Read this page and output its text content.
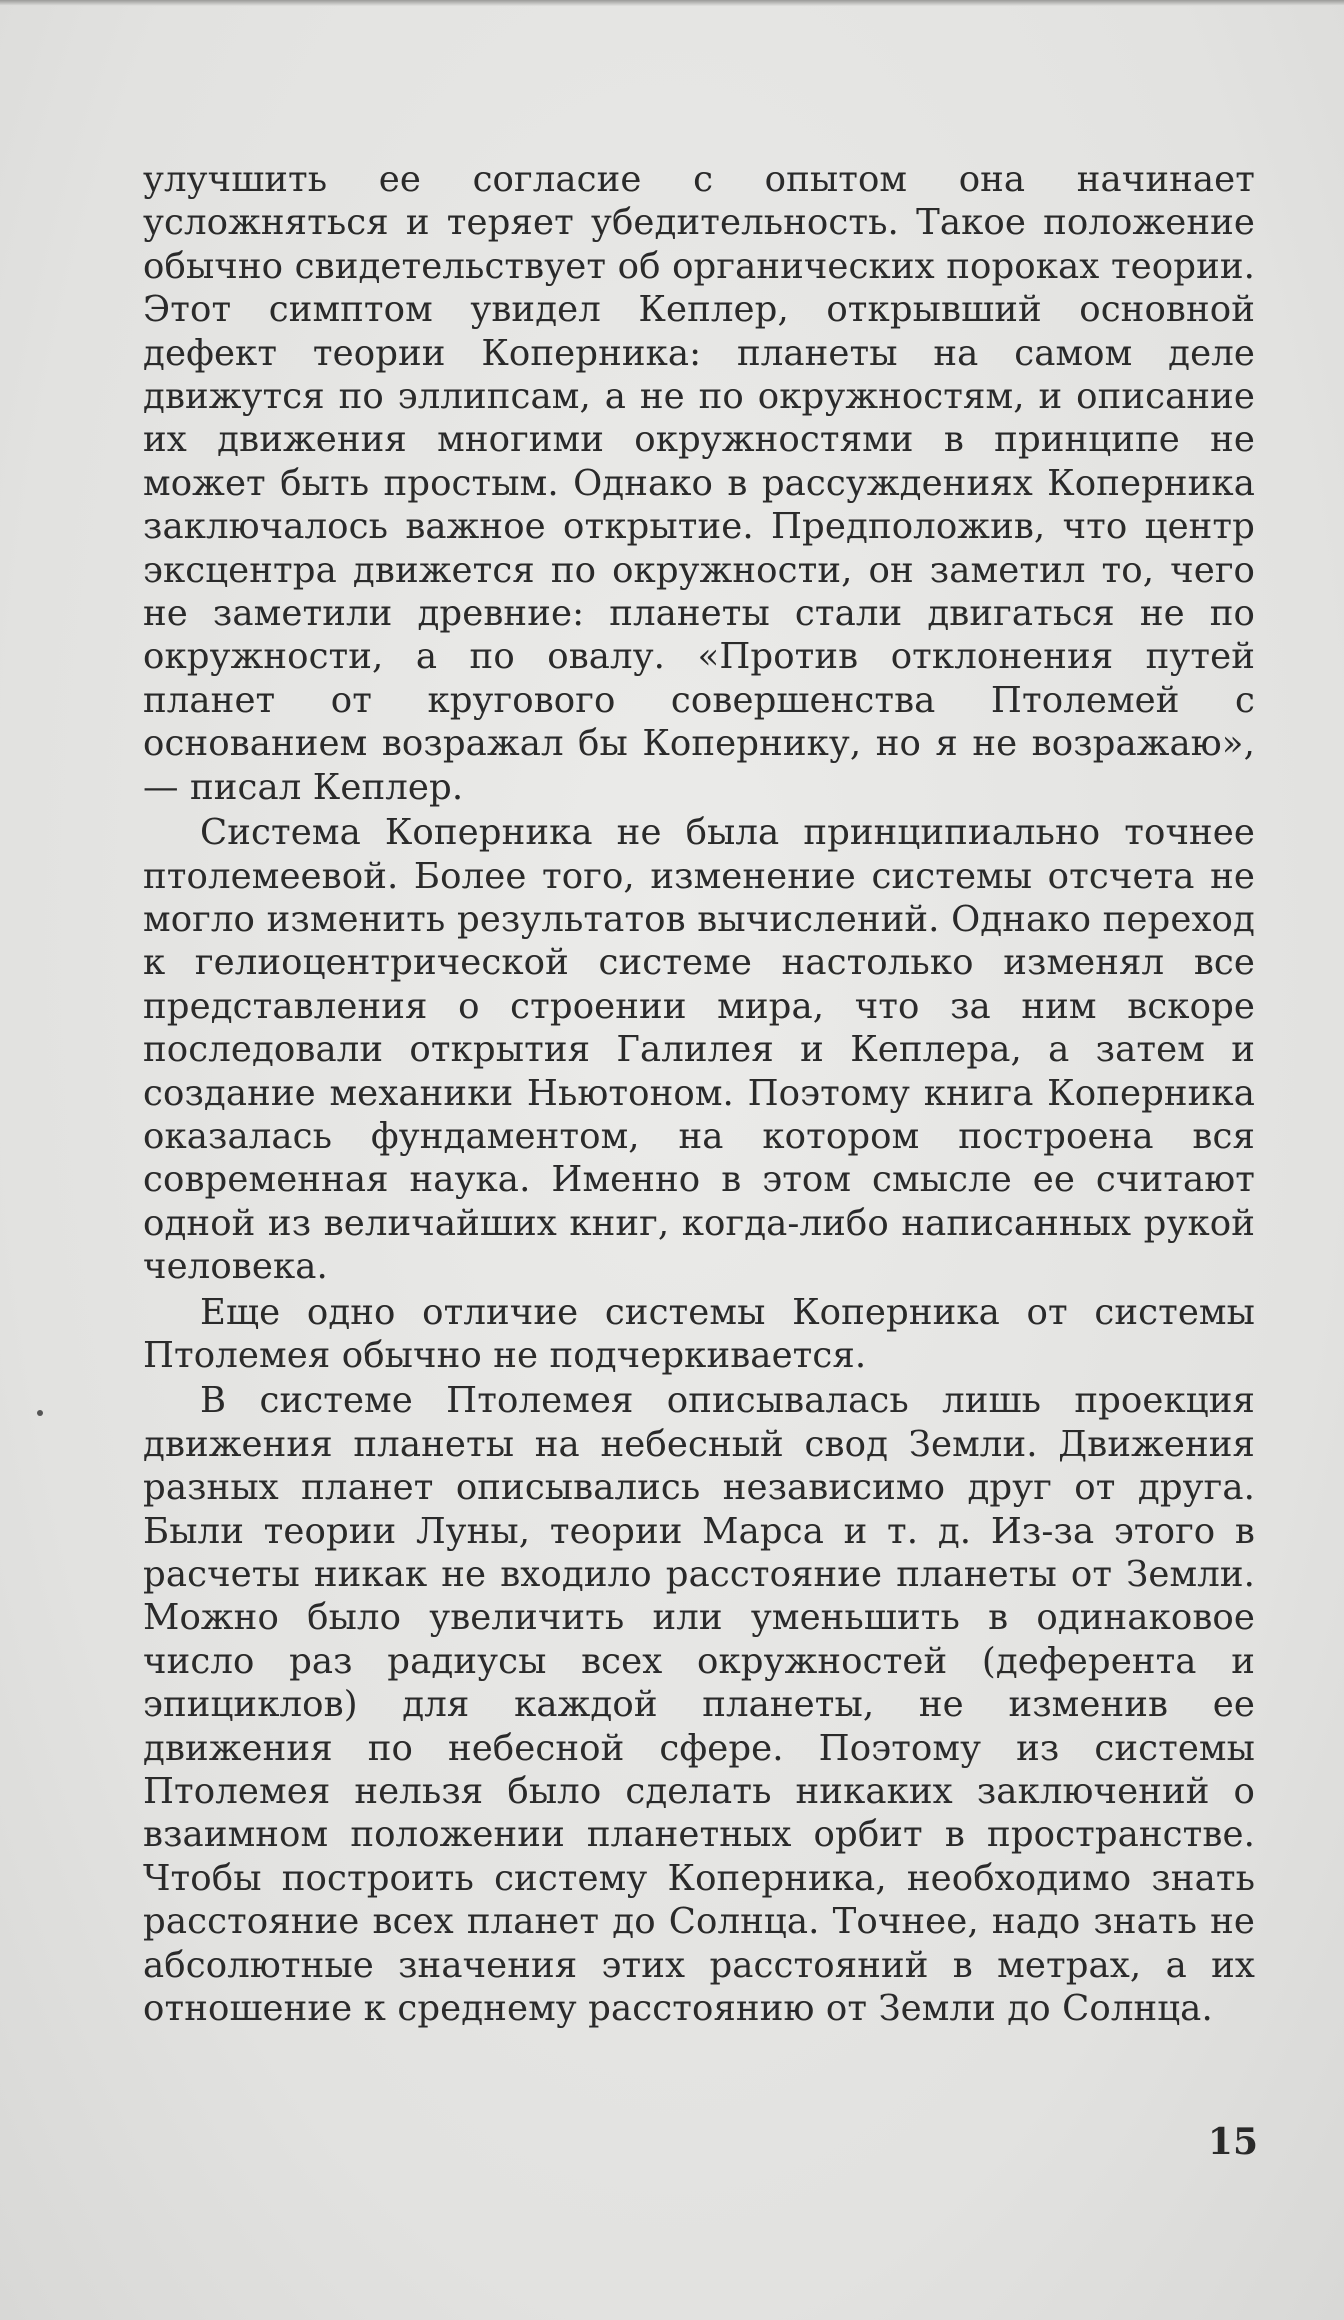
улучшить ее согласие с опытом она начинает усложняться и теряет убедительность. Такое положение обычно свидетельствует об органических пороках теории. Этот симптом увидел Кеплер, открывший основной дефект теории Коперника: планеты на самом деле движутся по эллипсам, а не по окружностям, и описание их движения многими окружностями в принципе не может быть простым. Однако в рассуждениях Коперника заключалось важное открытие. Предположив, что центр эксцентра движется по окружности, он заметил то, чего не заметили древние: планеты стали двигаться не по окружности, а по овалу. «Против отклонения путей планет от кругового совершенства Птолемей с основанием возражал бы Копернику, но я не возражаю»,— писал Кеплер.

Система Коперника не была принципиально точнее птолемеевой. Более того, изменение системы отсчета не могло изменить результатов вычислений. Однако переход к гелиоцентрической системе настолько изменял все представления о строении мира, что за ним вскоре последовали открытия Галилея и Кеплера, а затем и создание механики Ньютоном. Поэтому книга Коперника оказалась фундаментом, на котором построена вся современная наука. Именно в этом смысле ее считают одной из величайших книг, когда-либо написанных рукой человека.

Еще одно отличие системы Коперника от системы Птолемея обычно не подчеркивается.

В системе Птолемея описывалась лишь проекция движения планеты на небесный свод Земли. Движения разных планет описывались независимо друг от друга. Были теории Луны, теории Марса и т. д. Из-за этого в расчеты никак не входило расстояние планеты от Земли. Можно было увеличить или уменьшить в одинаковое число раз радиусы всех окружностей (деферента и эпициклов) для каждой планеты, не изменив ее движения по небесной сфере. Поэтому из системы Птолемея нельзя было сделать никаких заключений о взаимном положении планетных орбит в пространстве. Чтобы построить систему Коперника, необходимо знать расстояние всех планет до Солнца. Точнее, надо знать не абсолютные значения этих расстояний в метрах, а их отношение к среднему расстоянию от Земли до Солнца.

15
